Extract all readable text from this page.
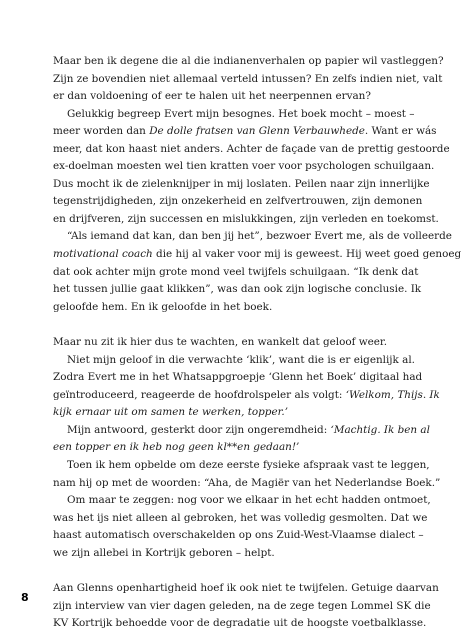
Maar ben ik degene die al die indianenverhalen op papier wil vastleggen?
Zijn ze bovendien niet allemaal verteld intussen? En zelfs indien niet, valt
er dan voldoening of eer te halen uit het neerpennen ervan?

Gelukkig begreep Evert mijn besognes. Het boek mocht – moest –
meer worden dan De dolle fratsen van Glenn Verbauwhede. Want er wás
meer, dat kon haast niet anders. Achter de façade van de prettig gestoorde
ex-doelman moesten wel tien kratten voer voor psychologen schuilgaan.
Dus mocht ik de zielenknijper in mij loslaten. Peilen naar zijn innerlijke
tegenstrijdigheden, zijn onzekerheid en zelfvertrouwen, zijn demonen
en drijfveren, zijn successen en mislukkingen, zijn verleden en toekomst.

“Als iemand dat kan, dan ben jij het”, bezwoer Evert me, als de volleerde
motivational coach die hij al vaker voor mij is geweest. Hij weet goed genoeg
dat ook achter mijn grote mond veel twijfels schuilgaan. “Ik denk dat
het tussen jullie gaat klikken”, was dan ook zijn logische conclusie. Ik
geloofde hem. En ik geloofde in het boek.

Maar nu zit ik hier dus te wachten, en wankelt dat geloof weer.

Niet mijn geloof in die verwachte ‘klik’, want die is er eigenlijk al.
Zodra Evert me in het Whatsappgroepje ‘Glenn het Boek’ digitaal had
geïntroduceerd, reageerde de hoofdrolspeler als volgt: ‘Welkom, Thijs. Ik
kijk ernaar uit om samen te werken, topper.’

Mijn antwoord, gesterkt door zijn ongeremdheid: ‘Machtig. Ik ben al
een topper en ik heb nog geen kl**en gedaan!’

Toen ik hem opbelde om deze eerste fysieke afspraak vast te leggen,
nam hij op met de woorden: “Aha, de Magiër van het Nederlandse Boek.”

Om maar te zeggen: nog voor we elkaar in het echt hadden ontmoet,
was het ijs niet alleen al gebroken, het was volledig gesmolten. Dat we
haast automatisch overschakelden op ons Zuid-West-Vlaamse dialect –
we zijn allebei in Kortrijk geboren – helpt.

Aan Glenns openhartigheid hoef ik ook niet te twijfelen. Getuige daarvan
zijn interview van vier dagen geleden, na de zege tegen Lommel SK die
KV Kortrijk behoedde voor de degradatie uit de hoogste voetbalklasse.

8
